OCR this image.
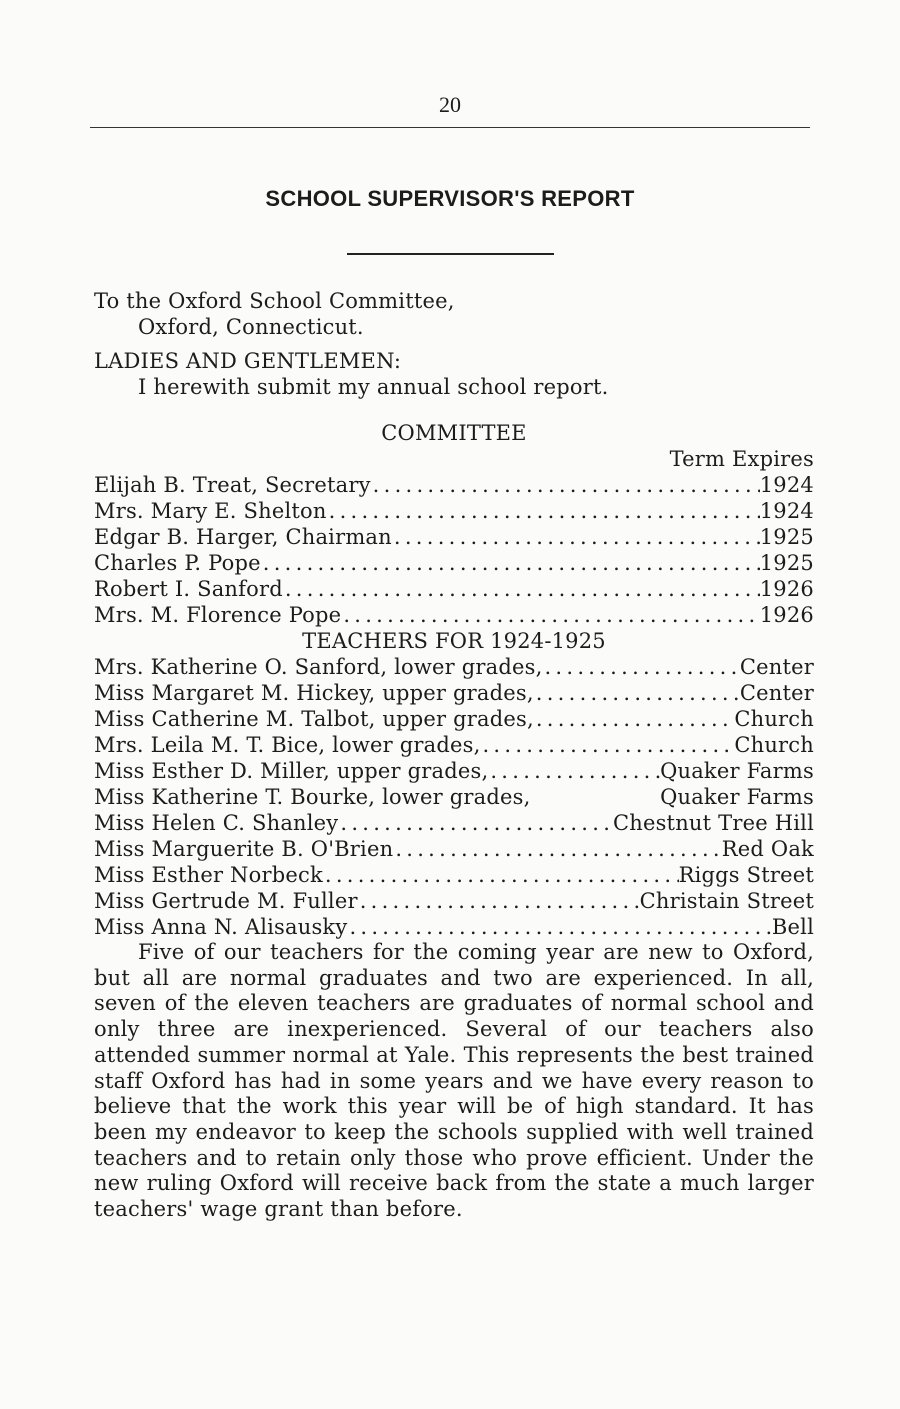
20
SCHOOL SUPERVISOR'S REPORT
To the Oxford School Committee,
Oxford, Connecticut.
LADIES AND GENTLEMEN:
I herewith submit my annual school report.
COMMITTEE
Term Expires
Elijah B. Treat, Secretary . . .	1924
Mrs. Mary E. Shelton . . .	1924
Edgar B. Harger, Chairman . . .	1925
Charles P. Pope . . .	1925
Robert I. Sanford . . .	1926
Mrs. M. Florence Pope . . .	1926
TEACHERS FOR 1924-1925
Mrs. Katherine O. Sanford, lower grades, . . .	Center
Miss Margaret M. Hickey, upper grades, . . .	Center
Miss Catherine M. Talbot, upper grades, . . .	Church
Mrs. Leila M. T. Bice, lower grades, . . .	Church
Miss Esther D. Miller, upper grades, . . .	Quaker Farms
Miss Katherine T. Bourke, lower grades,	Quaker Farms
Miss Helen C. Shanley . . .	Chestnut Tree Hill
Miss Marguerite B. O'Brien . . .	Red Oak
Miss Esther Norbeck . . .	Riggs Street
Miss Gertrude M. Fuller . . .	Christain Street
Miss Anna N. Alisausky . . .	Bell
Five of our teachers for the coming year are new to Oxford, but all are normal graduates and two are experienced. In all, seven of the eleven teachers are graduates of normal school and only three are inexperienced. Several of our teachers also attended summer normal at Yale. This represents the best trained staff Oxford has had in some years and we have every reason to believe that the work this year will be of high standard. It has been my endeavor to keep the schools supplied with well trained teachers and to retain only those who prove efficient. Under the new ruling Oxford will receive back from the state a much larger teachers' wage grant than before.
